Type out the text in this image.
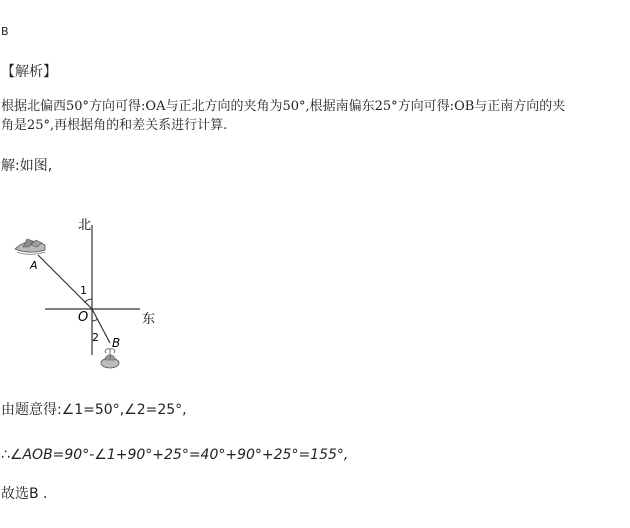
B
【解析】
根据北偏西50°方向可得:OA与正北方向的夹角为50°,根据南偏东25°方向可得:OB与正南方向的夹
角是25°,再根据角的和差关系进行计算.
解:如图,
北
东
O
A
B
1
2
由题意得:∠1=50°,∠2=25°,
∴∠AOB=90°-∠1+90°+25°=40°+90°+25°=155°,
故选B .
